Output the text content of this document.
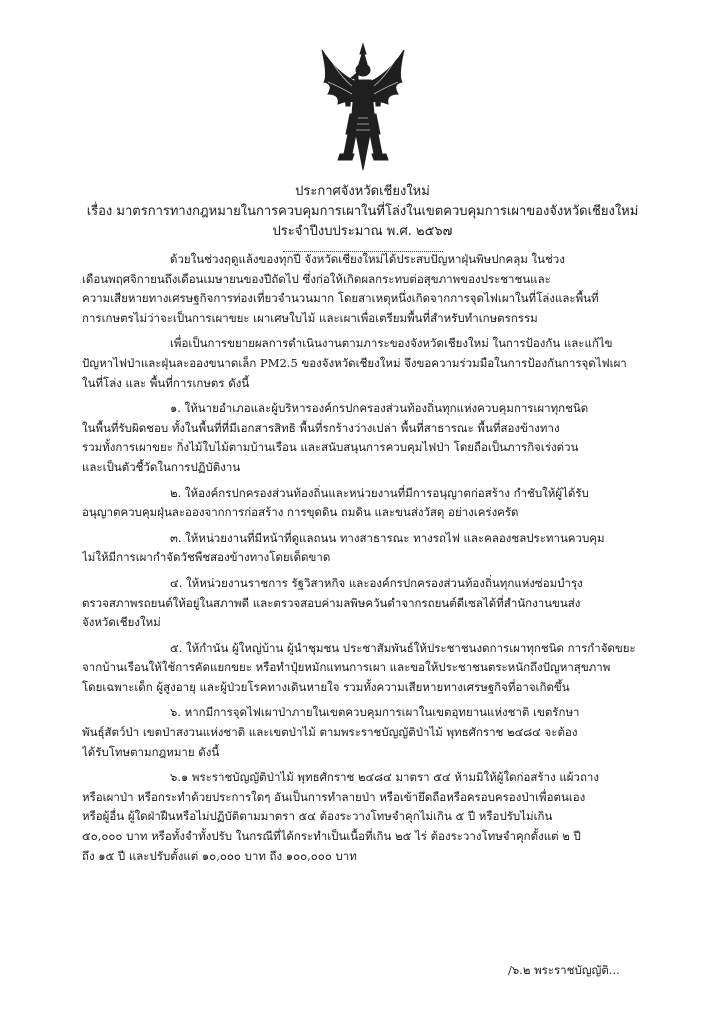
ประกาศจังหวัดเชียงใหม่
เรื่อง มาตรการทางกฎหมายในการควบคุมการเผาในที่โล่งในเขตควบคุมการเผาของจังหวัดเชียงใหม่
ประจำปีงบประมาณ พ.ศ. ๒๕๖๗

ด้วยในช่วงฤดูแล้งของทุกปี จังหวัดเชียงใหม่ได้ประสบปัญหาฝุ่นพิษปกคลุม ในช่วง
เดือนพฤศจิกายนถึงเดือนเมษายนของปีถัดไป ซึ่งก่อให้เกิดผลกระทบต่อสุขภาพของประชาชนและ
ความเสียหายทางเศรษฐกิจการท่องเที่ยวจำนวนมาก โดยสาเหตุหนึ่งเกิดจากการจุดไฟเผาในที่โล่งและพื้นที่
การเกษตรไม่ว่าจะเป็นการเผาขยะ เผาเศษใบไม้ และเผาเพื่อเตรียมพื้นที่สำหรับทำเกษตรกรรม

เพื่อเป็นการขยายผลการดำเนินงานตามภาระของจังหวัดเชียงใหม่ ในการป้องกัน และแก้ไข
ปัญหาไฟป่าและฝุ่นละอองขนาดเล็ก PM2.5 ของจังหวัดเชียงใหม่ จึงขอความร่วมมือในการป้องกันการจุดไฟเผา
ในที่โล่ง และ พื้นที่การเกษตร ดังนี้

๑. ให้นายอำเภอและผู้บริหารองค์กรปกครองส่วนท้องถิ่นทุกแห่งควบคุมการเผาทุกชนิด
ในพื้นที่รับผิดชอบ ทั้งในพื้นที่ที่มีเอกสารสิทธิ พื้นที่รกร้างว่างเปล่า พื้นที่สาธารณะ พื้นที่สองข้างทาง
รวมทั้งการเผาขยะ กิ่งไม้ใบไม้ตามบ้านเรือน และสนับสนุนการควบคุมไฟป่า โดยถือเป็นภารกิจเร่งด่วน
และเป็นตัวชี้วัดในการปฏิบัติงาน

๒. ให้องค์กรปกครองส่วนท้องถิ่นและหน่วยงานที่มีการอนุญาตก่อสร้าง กำชับให้ผู้ได้รับ
อนุญาตควบคุมฝุ่นละอองจากการก่อสร้าง การขุดดิน ถมดิน และขนส่งวัสดุ อย่างเคร่งครัด

๓. ให้หน่วยงานที่มีหน้าที่ดูแลถนน ทางสาธารณะ ทางรถไฟ และคลองชลประทานควบคุม
ไม่ให้มีการเผากำจัดวัชพืชสองข้างทางโดยเด็ดขาด

๔. ให้หน่วยงานราชการ รัฐวิสาหกิจ และองค์กรปกครองส่วนท้องถิ่นทุกแห่งซ่อมบำรุง
ตรวจสภาพรถยนต์ให้อยู่ในสภาพดี และตรวจสอบค่ามลพิษควันดำจากรถยนต์ดีเซลได้ที่สำนักงานขนส่ง
จังหวัดเชียงใหม่

๕. ให้กำนัน ผู้ใหญ่บ้าน ผู้นำชุมชน ประชาสัมพันธ์ให้ประชาชนงดการเผาทุกชนิด การกำจัดขยะ
จากบ้านเรือนให้ใช้การคัดแยกขยะ หรือทำปุ๋ยหมักแทนการเผา และขอให้ประชาชนตระหนักถึงปัญหาสุขภาพ
โดยเฉพาะเด็ก ผู้สูงอายุ และผู้ป่วยโรคทางเดินหายใจ รวมทั้งความเสียหายทางเศรษฐกิจที่อาจเกิดขึ้น

๖. หากมีการจุดไฟเผาป่าภายในเขตควบคุมการเผาในเขตอุทยานแห่งชาติ เขตรักษา
พันธุ์สัตว์ป่า เขตป่าสงวนแห่งชาติ และเขตป่าไม้ ตามพระราชบัญญัติป่าไม้ พุทธศักราช ๒๔๘๔ จะต้อง
ได้รับโทษตามกฎหมาย ดังนี้

๖.๑ พระราชบัญญัติป่าไม้ พุทธศักราช ๒๔๘๔ มาตรา ๕๔ ห้ามมิให้ผู้ใดก่อสร้าง แผ้วถาง
หรือเผาป่า หรือกระทำด้วยประการใดๆ อันเป็นการทำลายป่า หรือเข้ายึดถือหรือครอบครองป่าเพื่อตนเอง
หรือผู้อื่น ผู้ใดฝ่าฝืนหรือไม่ปฏิบัติตามมาตรา ๕๔ ต้องระวางโทษจำคุกไม่เกิน ๕ ปี หรือปรับไม่เกิน
๕๐,๐๐๐ บาท หรือทั้งจำทั้งปรับ ในกรณีที่ได้กระทำเป็นเนื้อที่เกิน ๒๕ ไร่ ต้องระวางโทษจำคุกตั้งแต่ ๒ ปี
ถึง ๑๕ ปี และปรับตั้งแต่ ๑๐,๐๐๐ บาท ถึง ๑๐๐,๐๐๐ บาท

/๖.๒ พระราชบัญญัติ...
